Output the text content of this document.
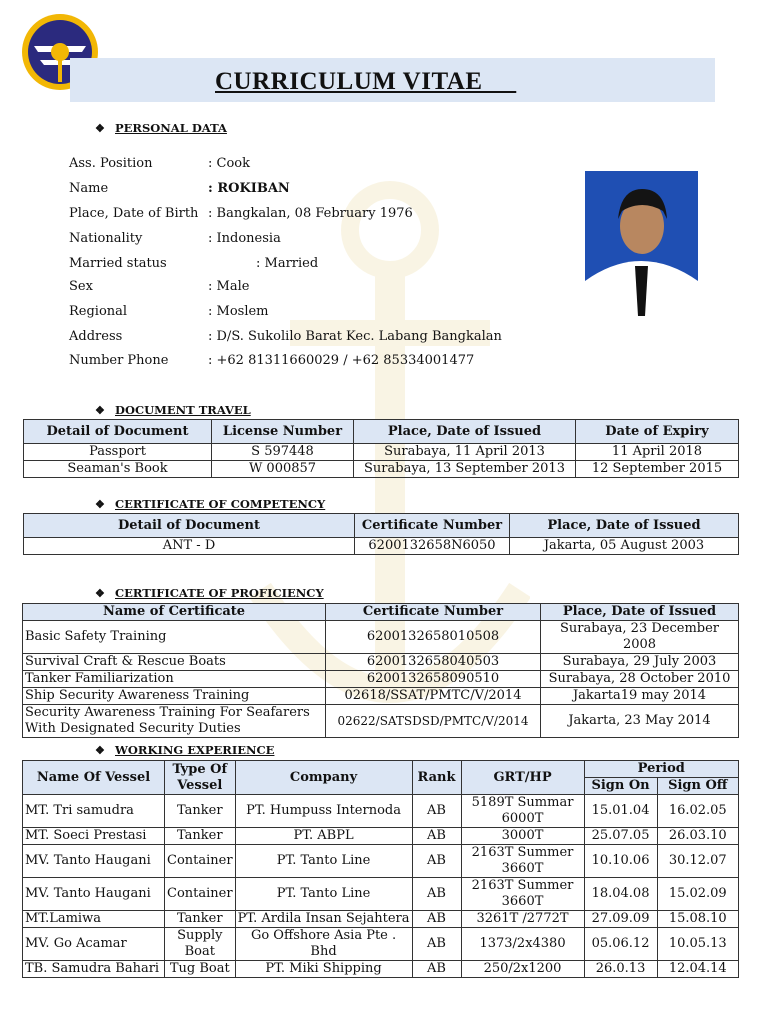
CURRICULUM VITAE
❖ PERSONAL DATA
Ass. Position	: Cook
Name	: ROKIBAN
Place, Date of Birth : Bangkalan, 08 February 1976
Nationality	: Indonesia
Married status	: Married
Sex	: Male
Regional	: Moslem
Address	: D/S. Sukolilo Barat Kec. Labang Bangkalan
Number Phone	: +62 81311660029 / +62 85334001477
❖ DOCUMENT TRAVEL
Detail of Document	License Number	Place, Date of Issued	Date of Expiry
Passport	S 597448	Surabaya, 11 April 2013	11 April 2018
Seaman's Book	W 000857	Surabaya, 13 September 2013	12 September 2015
❖ CERTIFICATE OF COMPETENCY
Detail of Document	Certificate Number	Place, Date of Issued
ANT - D	6200132658N6050	Jakarta, 05 August 2003
❖ CERTIFICATE OF PROFICIENCY
Name of Certificate	Certificate Number	Place, Date of Issued
Basic Safety Training	6200132658010508	Surabaya, 23 December 2008
Survival Craft & Rescue Boats	6200132658040503	Surabaya, 29 July 2003
Tanker Familiarization	6200132658090510	Surabaya, 28 October 2010
Ship Security Awareness Training	02618/SSAT/PMTC/V/2014	Jakarta19 may 2014
Security Awareness Training For Seafarers With Designated Security Duties	02622/SATSDSD/PMTC/V/2014	Jakarta, 23 May 2014
❖ WORKING EXPERIENCE
Name Of Vessel	Type Of Vessel	Company	Rank	GRT/HP	Period	
					Sign On	Sign Off
MT. Tri samudra	Tanker	PT. Humpuss Internoda	AB	5189T Summar 6000T	15.01.04	16.02.05
MT. Soeci Prestasi	Tanker	PT. ABPL	AB	3000T	25.07.05	26.03.10
MV. Tanto Haugani	Container	PT. Tanto Line	AB	2163T Summer 3660T	10.10.06	30.12.07
MV. Tanto Haugani	Container	PT. Tanto Line	AB	2163T Summer 3660T	18.04.08	15.02.09
MT.Lamiwa	Tanker	PT. Ardila Insan Sejahtera	AB	3261T /2772T	27.09.09	15.08.10
MV. Go Acamar	Supply Boat	Go Offshore Asia Pte . Bhd	AB	1373/2x4380	05.06.12	10.05.13
TB. Samudra Bahari	Tug Boat	PT. Miki Shipping	AB	250/2x1200	26.0.13	12.04.14
